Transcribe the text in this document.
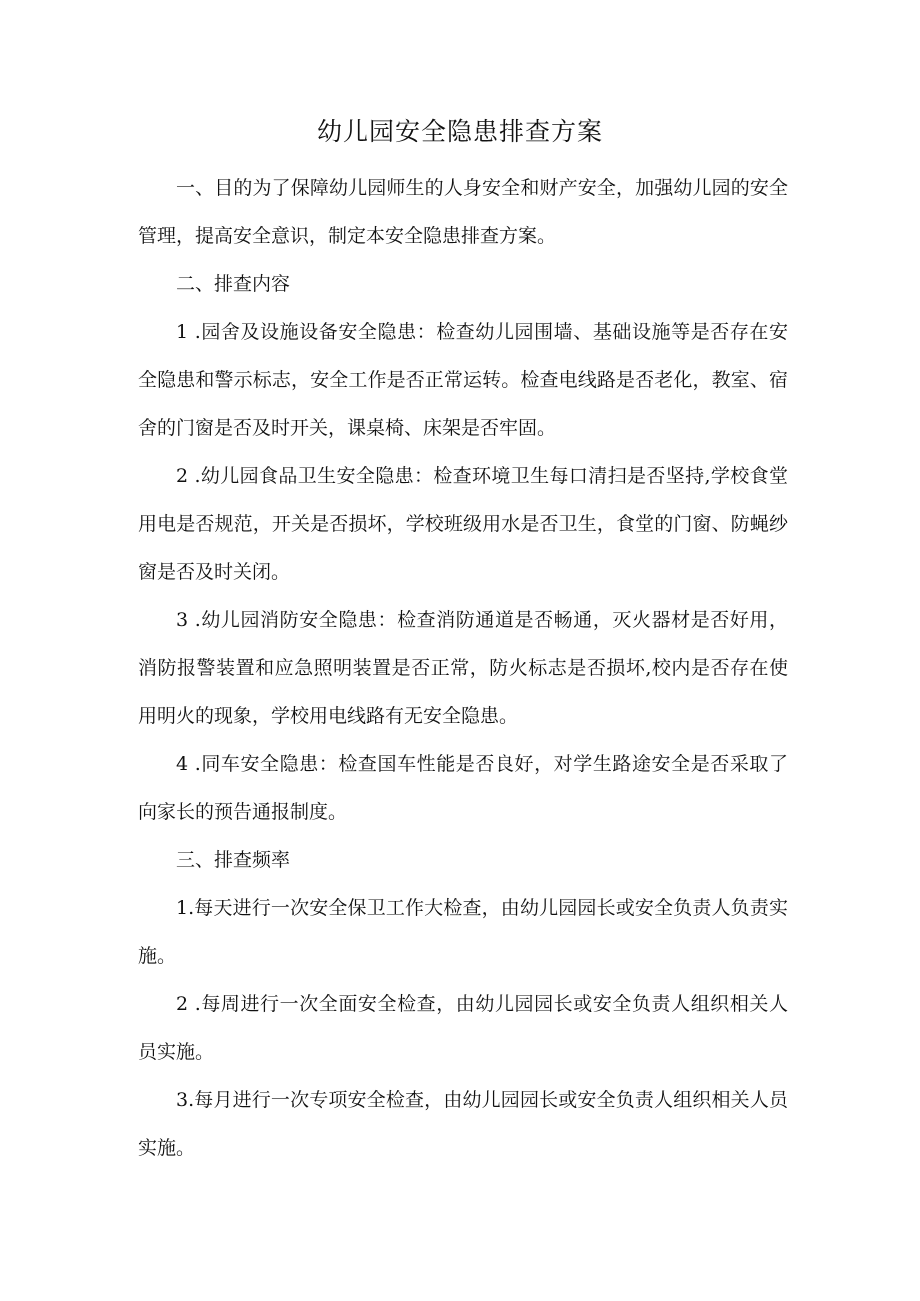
幼儿园安全隐患排查方案

一、目的为了保障幼儿园师生的人身安全和财产安全，加强幼儿园的安全管理，提高安全意识，制定本安全隐患排查方案。

二、排查内容

1 .园舍及设施设备安全隐患：检查幼儿园围墙、基础设施等是否存在安全隐患和警示标志，安全工作是否正常运转。检查电线路是否老化，教室、宿舍的门窗是否及时开关，课桌椅、床架是否牢固。

2 .幼儿园食品卫生安全隐患：检查环境卫生每口清扫是否坚持,学校食堂用电是否规范，开关是否损坏，学校班级用水是否卫生，食堂的门窗、防蝇纱窗是否及时关闭。

3 .幼儿园消防安全隐患：检查消防通道是否畅通，灭火器材是否好用，消防报警装置和应急照明装置是否正常，防火标志是否损坏,校内是否存在使用明火的现象，学校用电线路有无安全隐患。

4 .同车安全隐患：检查国车性能是否良好，对学生路途安全是否采取了向家长的预告通报制度。

三、排查频率

1.每天进行一次安全保卫工作大检查，由幼儿园园长或安全负责人负责实施。

2 .每周进行一次全面安全检查，由幼儿园园长或安全负责人组织相关人员实施。

3.每月进行一次专项安全检查，由幼儿园园长或安全负责人组织相关人员实施。
